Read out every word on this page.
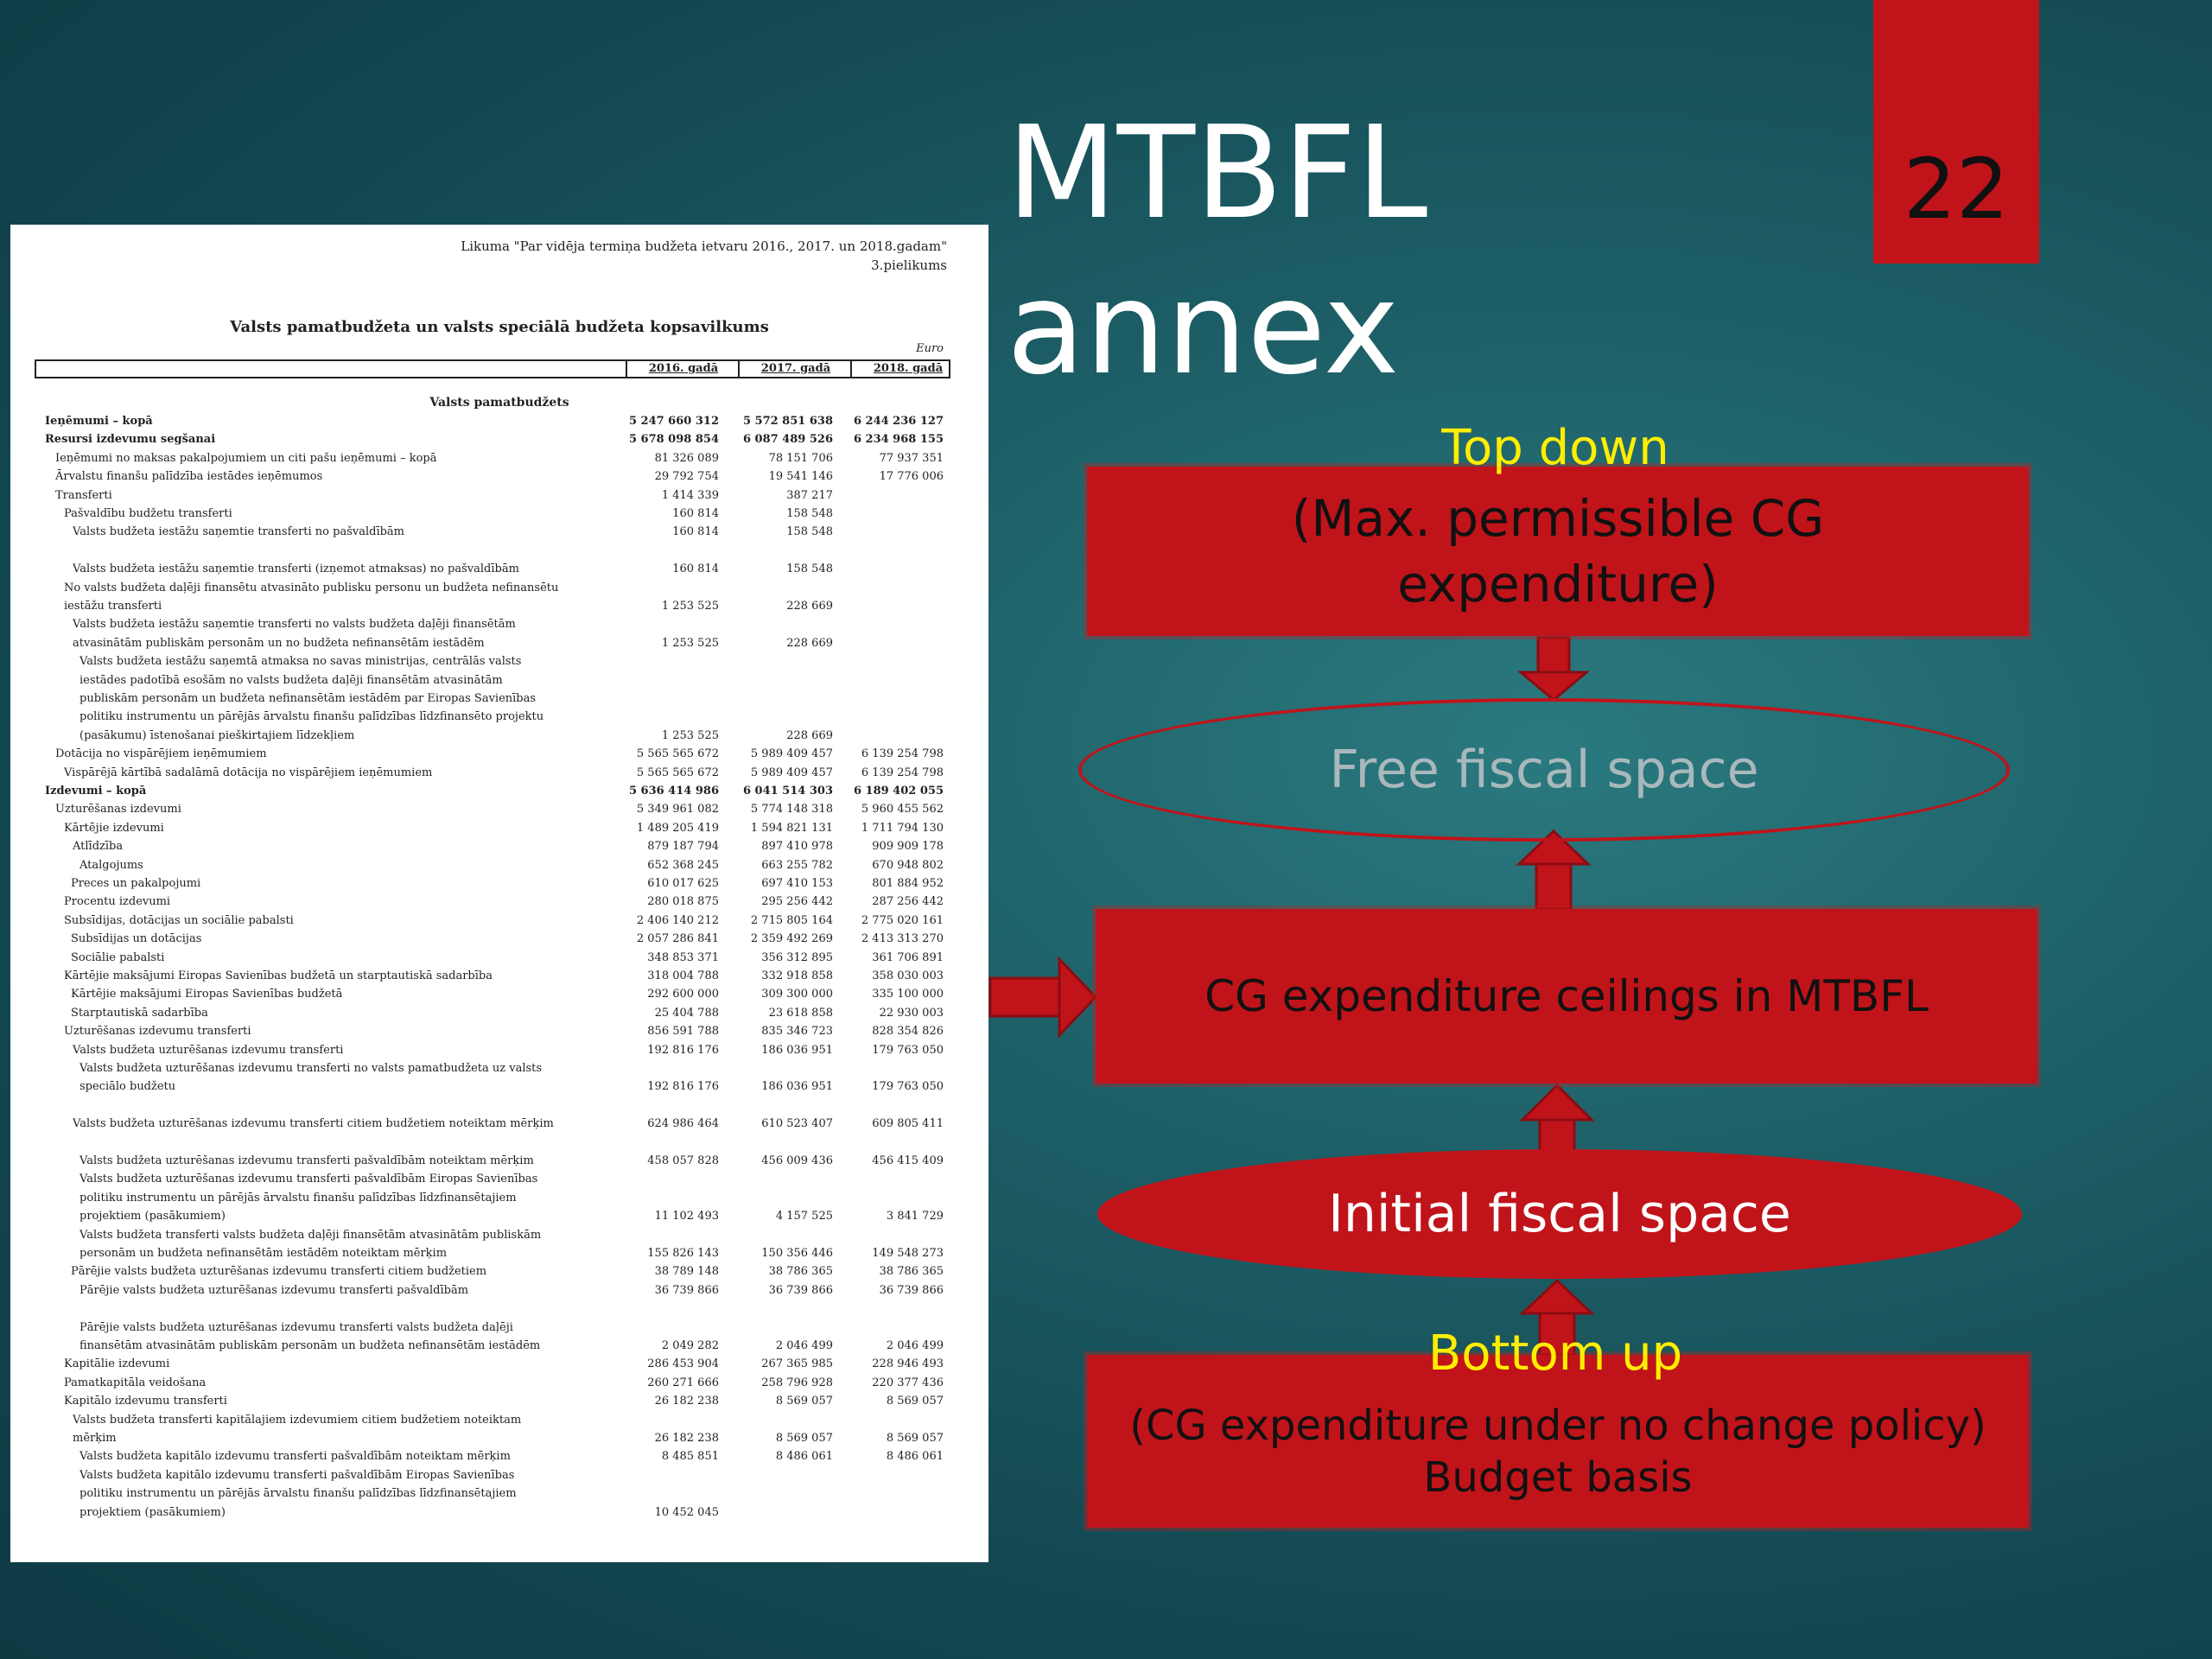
22
MTBFL
annex
Likuma "Par vidēja termiņa budžeta ietvaru 2016., 2017. un 2018.gadam"
3.pielikums
Valsts pamatbudžeta un valsts speciālā budžeta kopsavilkums
Euro
2016. gadā	2017. gadā	2018. gadā
Valsts pamatbudžets
Ieņēmumi – kopā	5 247 660 312	5 572 851 638	6 244 236 127
Resursi izdevumu segšanai	5 678 098 854	6 087 489 526	6 234 968 155
Ieņēmumi no maksas pakalpojumiem un citi pašu ieņēmumi – kopā	81 326 089	78 151 706	77 937 351
Ārvalstu finanšu palīdzība iestādes ieņēmumos	29 792 754	19 541 146	17 776 006
Transferti	1 414 339	387 217
Pašvaldību budžetu transferti	160 814	158 548
Valsts budžeta iestāžu saņemtie transferti no pašvaldībām	160 814	158 548
Valsts budžeta iestāžu saņemtie transferti (izņemot atmaksas) no pašvaldībām	160 814	158 548
No valsts budžeta daļēji finansētu atvasināto publisku personu un budžeta nefinansētu
iestāžu transferti	1 253 525	228 669
Valsts budžeta iestāžu saņemtie transferti no valsts budžeta daļēji finansētām
atvasinātām publiskām personām un no budžeta nefinansētām iestādēm	1 253 525	228 669
Valsts budžeta iestāžu saņemtā atmaksa no savas ministrijas, centrālās valsts
iestādes padotībā esošām no valsts budžeta daļēji finansētām atvasinātām
publiskām personām un budžeta nefinansētām iestādēm par Eiropas Savienības
politiku instrumentu un pārējās ārvalstu finanšu palīdzības līdzfinansēto projektu
(pasākumu) īstenošanai pieškirtajiem līdzekļiem	1 253 525	228 669
Dotācija no vispārējiem ieņēmumiem	5 565 565 672	5 989 409 457	6 139 254 798
Vispārējā kārtībā sadalāmā dotācija no vispārējiem ieņēmumiem	5 565 565 672	5 989 409 457	6 139 254 798
Izdevumi – kopā	5 636 414 986	6 041 514 303	6 189 402 055
Uzturēšanas izdevumi	5 349 961 082	5 774 148 318	5 960 455 562
Kārtējie izdevumi	1 489 205 419	1 594 821 131	1 711 794 130
Atlīdzība	879 187 794	897 410 978	909 909 178
Atalgojums	652 368 245	663 255 782	670 948 802
Preces un pakalpojumi	610 017 625	697 410 153	801 884 952
Procentu izdevumi	280 018 875	295 256 442	287 256 442
Subsīdijas, dotācijas un sociālie pabalsti	2 406 140 212	2 715 805 164	2 775 020 161
Subsīdijas un dotācijas	2 057 286 841	2 359 492 269	2 413 313 270
Sociālie pabalsti	348 853 371	356 312 895	361 706 891
Kārtējie maksājumi Eiropas Savienības budžetā un starptautiskā sadarbība	318 004 788	332 918 858	358 030 003
Kārtējie maksājumi Eiropas Savienības budžetā	292 600 000	309 300 000	335 100 000
Starptautiskā sadarbība	25 404 788	23 618 858	22 930 003
Uzturēšanas izdevumu transferti	856 591 788	835 346 723	828 354 826
Valsts budžeta uzturēšanas izdevumu transferti	192 816 176	186 036 951	179 763 050
Valsts budžeta uzturēšanas izdevumu transferti no valsts pamatbudžeta uz valsts
speciālo budžetu	192 816 176	186 036 951	179 763 050
Valsts budžeta uzturēšanas izdevumu transferti citiem budžetiem noteiktam mērķim	624 986 464	610 523 407	609 805 411
Valsts budžeta uzturēšanas izdevumu transferti pašvaldībām noteiktam mērķim	458 057 828	456 009 436	456 415 409
Valsts budžeta uzturēšanas izdevumu transferti pašvaldībām Eiropas Savienības
politiku instrumentu un pārējās ārvalstu finanšu palīdzības līdzfinansētajiem
projektiem (pasākumiem)	11 102 493	4 157 525	3 841 729
Valsts budžeta transferti valsts budžeta daļēji finansētām atvasinātām publiskām
personām un budžeta nefinansētām iestādēm noteiktam mērķim	155 826 143	150 356 446	149 548 273
Pārējie valsts budžeta uzturēšanas izdevumu transferti citiem budžetiem	38 789 148	38 786 365	38 786 365
Pārējie valsts budžeta uzturēšanas izdevumu transferti pašvaldībām	36 739 866	36 739 866	36 739 866
Pārējie valsts budžeta uzturēšanas izdevumu transferti valsts budžeta daļēji
finansētām atvasinātām publiskām personām un budžeta nefinansētām iestādēm	2 049 282	2 046 499	2 046 499
Kapitālie izdevumi	286 453 904	267 365 985	228 946 493
Pamatkapitāla veidošana	260 271 666	258 796 928	220 377 436
Kapitālo izdevumu transferti	26 182 238	8 569 057	8 569 057
Valsts budžeta transferti kapitālajiem izdevumiem citiem budžetiem noteiktam
mērķim	26 182 238	8 569 057	8 569 057
Valsts budžeta kapitālo izdevumu transferti pašvaldībām noteiktam mērķim	8 485 851	8 486 061	8 486 061
Valsts budžeta kapitālo izdevumu transferti pašvaldībām Eiropas Savienības
politiku instrumentu un pārējās ārvalstu finanšu palīdzības līdzfinansētajiem
projektiem (pasākumiem)	10 452 045
(Max. permissible CG
expenditure)
Top down
Free fiscal space
CG expenditure ceilings in MTBFL
Initial fiscal space
(CG expenditure under no change policy)
Budget basis
Bottom up
